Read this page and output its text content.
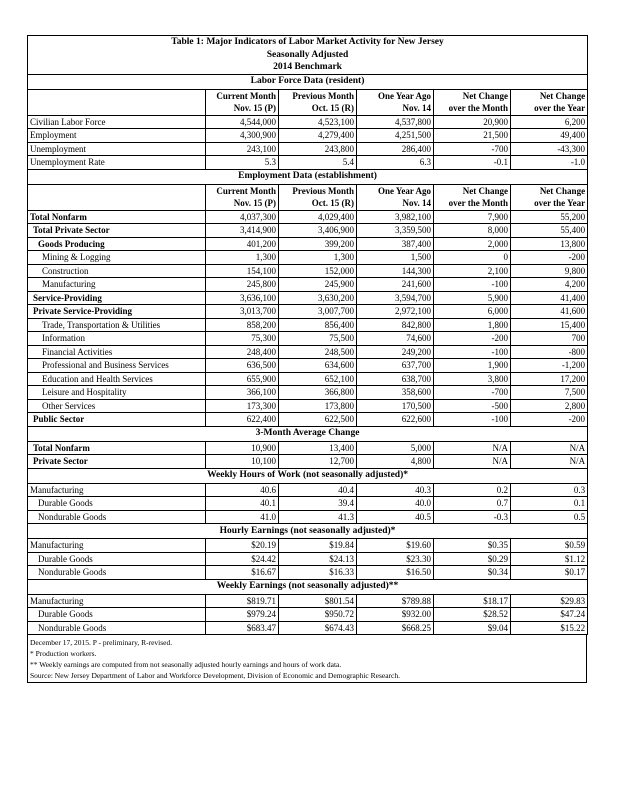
Table 1: Major Indicators of Labor Market Activity for New Jersey					
Seasonally Adjusted					
2014 Benchmark					
Labor Force Data (resident)					
	Current Month	Previous Month	One Year Ago	Net Change	Net Change
	Nov. 15 (P)	Oct. 15 (R)	Nov. 14	over the Month	over the Year
Civilian Labor Force	4,544,000	4,523,100	4,537,800	20,900	6,200
Employment	4,300,900	4,279,400	4,251,500	21,500	49,400
Unemployment	243,100	243,800	286,400	-700	-43,300
Unemployment Rate	5.3	5.4	6.3	-0.1	-1.0
Employment Data (establishment)					
	Current Month	Previous Month	One Year Ago	Net Change	Net Change
	Nov. 15 (P)	Oct. 15 (R)	Nov. 14	over the Month	over the Year
Total Nonfarm	4,037,300	4,029,400	3,982,100	7,900	55,200
Total Private Sector	3,414,900	3,406,900	3,359,500	8,000	55,400
Goods Producing	401,200	399,200	387,400	2,000	13,800
Mining & Logging	1,300	1,300	1,500	0	-200
Construction	154,100	152,000	144,300	2,100	9,800
Manufacturing	245,800	245,900	241,600	-100	4,200
Service-Providing	3,636,100	3,630,200	3,594,700	5,900	41,400
Private Service-Providing	3,013,700	3,007,700	2,972,100	6,000	41,600
Trade, Transportation & Utilities	858,200	856,400	842,800	1,800	15,400
Information	75,300	75,500	74,600	-200	700
Financial Activities	248,400	248,500	249,200	-100	-800
Professional and Business Services	636,500	634,600	637,700	1,900	-1,200
Education and Health Services	655,900	652,100	638,700	3,800	17,200
Leisure and Hospitality	366,100	366,800	358,600	-700	7,500
Other Services	173,300	173,800	170,500	-500	2,800
Public Sector	622,400	622,500	622,600	-100	-200
3-Month Average Change					
Total Nonfarm	10,900	13,400	5,000	N/A	N/A
Private Sector	10,100	12,700	4,800	N/A	N/A
Weekly Hours of Work (not seasonally adjusted)*					
Manufacturing	40.6	40.4	40.3	0.2	0.3
Durable Goods	40.1	39.4	40.0	0.7	0.1
Nondurable Goods	41.0	41.3	40.5	-0.3	0.5
Hourly Earnings (not seasonally adjusted)*					
Manufacturing	$20.19	$19.84	$19.60	$0.35	$0.59
Durable Goods	$24.42	$24.13	$23.30	$0.29	$1.12
Nondurable Goods	$16.67	$16.33	$16.50	$0.34	$0.17
Weekly Earnings (not seasonally adjusted)**					
Manufacturing	$819.71	$801.54	$789.88	$18.17	$29.83
Durable Goods	$979.24	$950.72	$932.00	$28.52	$47.24
Nondurable Goods	$683.47	$674.43	$668.25	$9.04	$15.22
December 17, 2015. P - preliminary, R-revised.
* Production workers.
** Weekly earnings are computed from not seasonally adjusted hourly earnings and hours of work data.
Source: New Jersey Department of Labor and Workforce Development, Division of Economic and Demographic Research.
